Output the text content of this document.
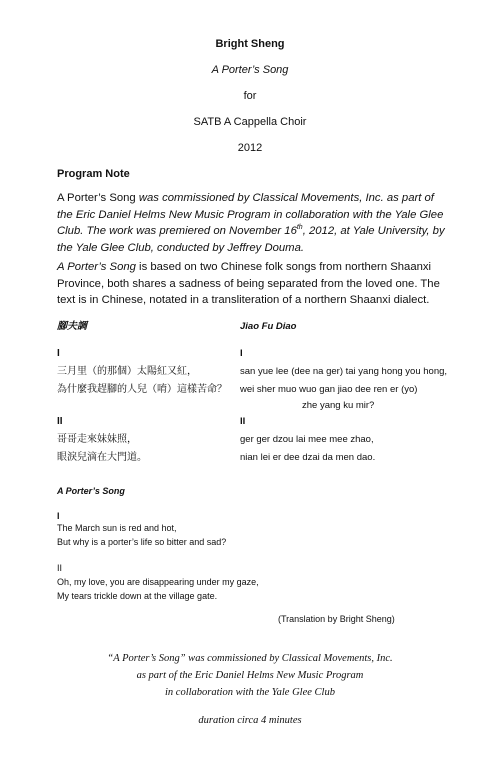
Bright Sheng
A Porter’s Song
for
SATB A Cappella Choir
2012
Program Note
A Porter’s Song was commissioned by Classical Movements, Inc. as part of the Eric Daniel Helms New Music Program in collaboration with the Yale Glee Club. The work was premiered on November 16th, 2012, at Yale University, by the Yale Glee Club, conducted by Jeffrey Douma.
A Porter’s Song is based on two Chinese folk songs from northern Shaanxi Province, both shares a sadness of being separated from the loved one. The text is in Chinese, notated in a transliteration of a northern Shaanxi dialect.
腳夫調	Jiao Fu Diao
I	I
三月里（的那個）太陽紅又紅，	san yue lee (dee na ger) tai yang hong you hong,
為什麼我趕腳的人兒（唷）這樣苦命？ wei sher muo wuo gan jiao dee ren er (yo)
zhe yang ku mir?
II	II
哥哥走來妹妹照，	ger ger dzou lai mee mee zhao,
眼淚兒滴在大門道。	nian lei er dee dzai da men dao.
A Porter’s Song
I
The March sun is red and hot,
But why is a porter’s life so bitter and sad?
II
Oh, my love, you are disappearing under my gaze,
My tears trickle down at the village gate.
(Translation by Bright Sheng)
“A Porter’s Song” was commissioned by Classical Movements, Inc.
as part of the Eric Daniel Helms New Music Program
in collaboration with the Yale Glee Club
duration circa 4 minutes
